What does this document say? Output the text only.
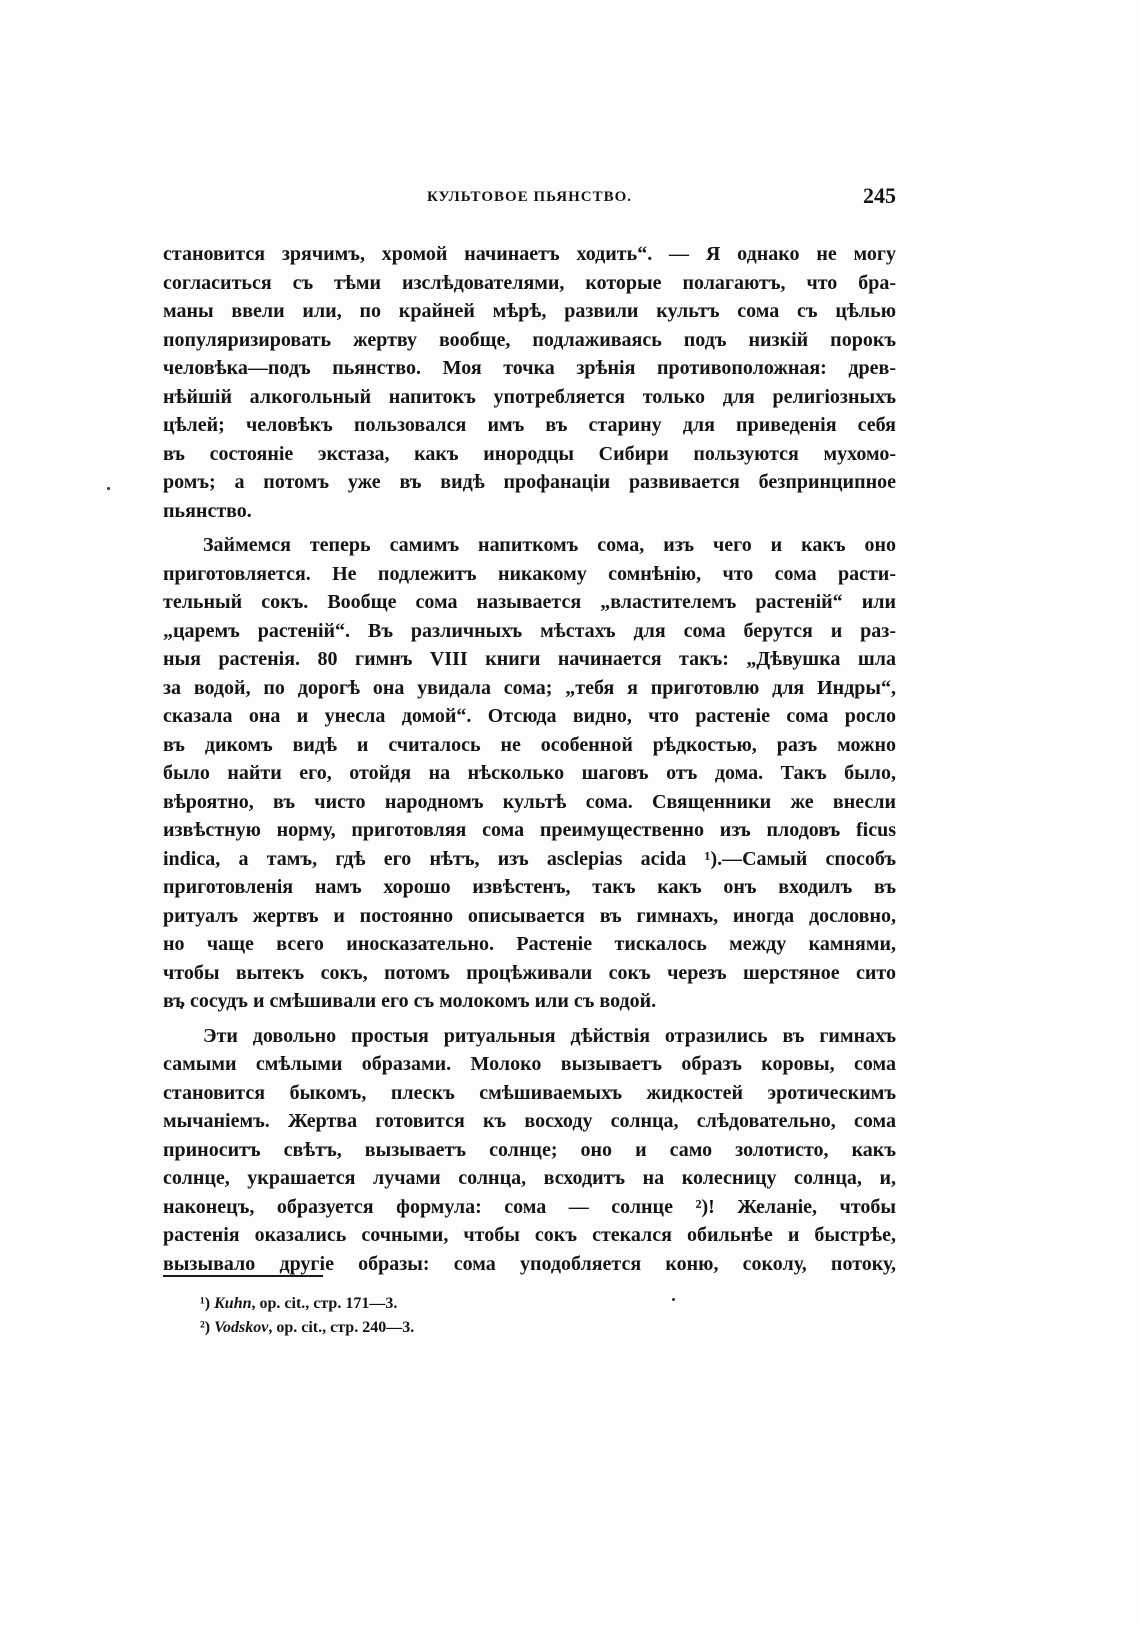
КУЛЬТОВОЕ ПЬЯНСТВО.	245
становится зрячимъ, хромой начинаетъ ходить“. — Я однако не могу
согласиться съ тѣми изслѣдователями, которые полагаютъ, что бра-
маны ввели или, по крайней мѣрѣ, развили культъ сома съ цѣлью
популяризировать жертву вообще, подлаживаясь подъ низкій порокъ
человѣка—подъ пьянство. Моя точка зрѣнія противоположная: древ-
нѣйшій алкогольный напитокъ употребляется только для религіозныхъ
цѣлей; человѣкъ пользовался имъ въ старину для приведенія себя
въ состояніе экстаза, какъ инородцы Сибири пользуются мухомо-
ромъ; а потомъ уже въ видѣ профанаціи развивается безпринципное
пьянство.
Займемся теперь самимъ напиткомъ сома, изъ чего и какъ оно
приготовляется. Не подлежитъ никакому сомнѣнію, что сома расти-
тельный сокъ. Вообще сома называется „властителемъ растеній“ или
„царемъ растеній“. Въ различныхъ мѣстахъ для сома берутся и раз-
ныя растенія. 80 гимнъ VIII книги начинается такъ: „Дѣвушка шла
за водой, по дорогѣ она увидала сома; „тебя я приготовлю для Индры“,
сказала она и унесла домой“. Отсюда видно, что растеніе сома росло
въ дикомъ видѣ и считалось не особенной рѣдкостью, разъ можно
было найти его, отойдя на нѣсколько шаговъ отъ дома. Такъ было,
вѣроятно, въ чисто народномъ культѣ сома. Священники же внесли
извѣстную норму, приготовляя сома преимущественно изъ плодовъ ficus
indica, а тамъ, гдѣ его нѣтъ, изъ asclepias acida ¹).—Самый способъ
приготовленія намъ хорошо извѣстенъ, такъ какъ онъ входилъ въ
ритуалъ жертвъ и постоянно описывается въ гимнахъ, иногда дословно,
но чаще всего иносказательно. Растеніе тискалось между камнями,
чтобы вытекъ сокъ, потомъ процѣживали сокъ черезъ шерстяное сито
въ сосудъ и смѣшивали его съ молокомъ или съ водой.
Эти довольно простыя ритуальныя дѣйствія отразились въ гимнахъ
самыми смѣлыми образами. Молоко вызываетъ образъ коровы, сома
становится быкомъ, плескъ смѣшиваемыхъ жидкостей эротическимъ
мычаніемъ. Жертва готовится къ восходу солнца, слѣдовательно, сома
приноситъ свѣтъ, вызываетъ солнце; оно и само золотисто, какъ
солнце, украшается лучами солнца, всходитъ на колесницу солнца, и,
наконецъ, образуется формула: сома — солнце ²)! Желаніе, чтобы
растенія оказались сочными, чтобы сокъ стекался обильнѣе и быстрѣе,
вызывало другіе образы: сома уподобляется коню, соколу, потоку,
¹) Kuhn, op. cit., стр. 171—3.
²) Vodskov, op. cit., стр. 240—3.
